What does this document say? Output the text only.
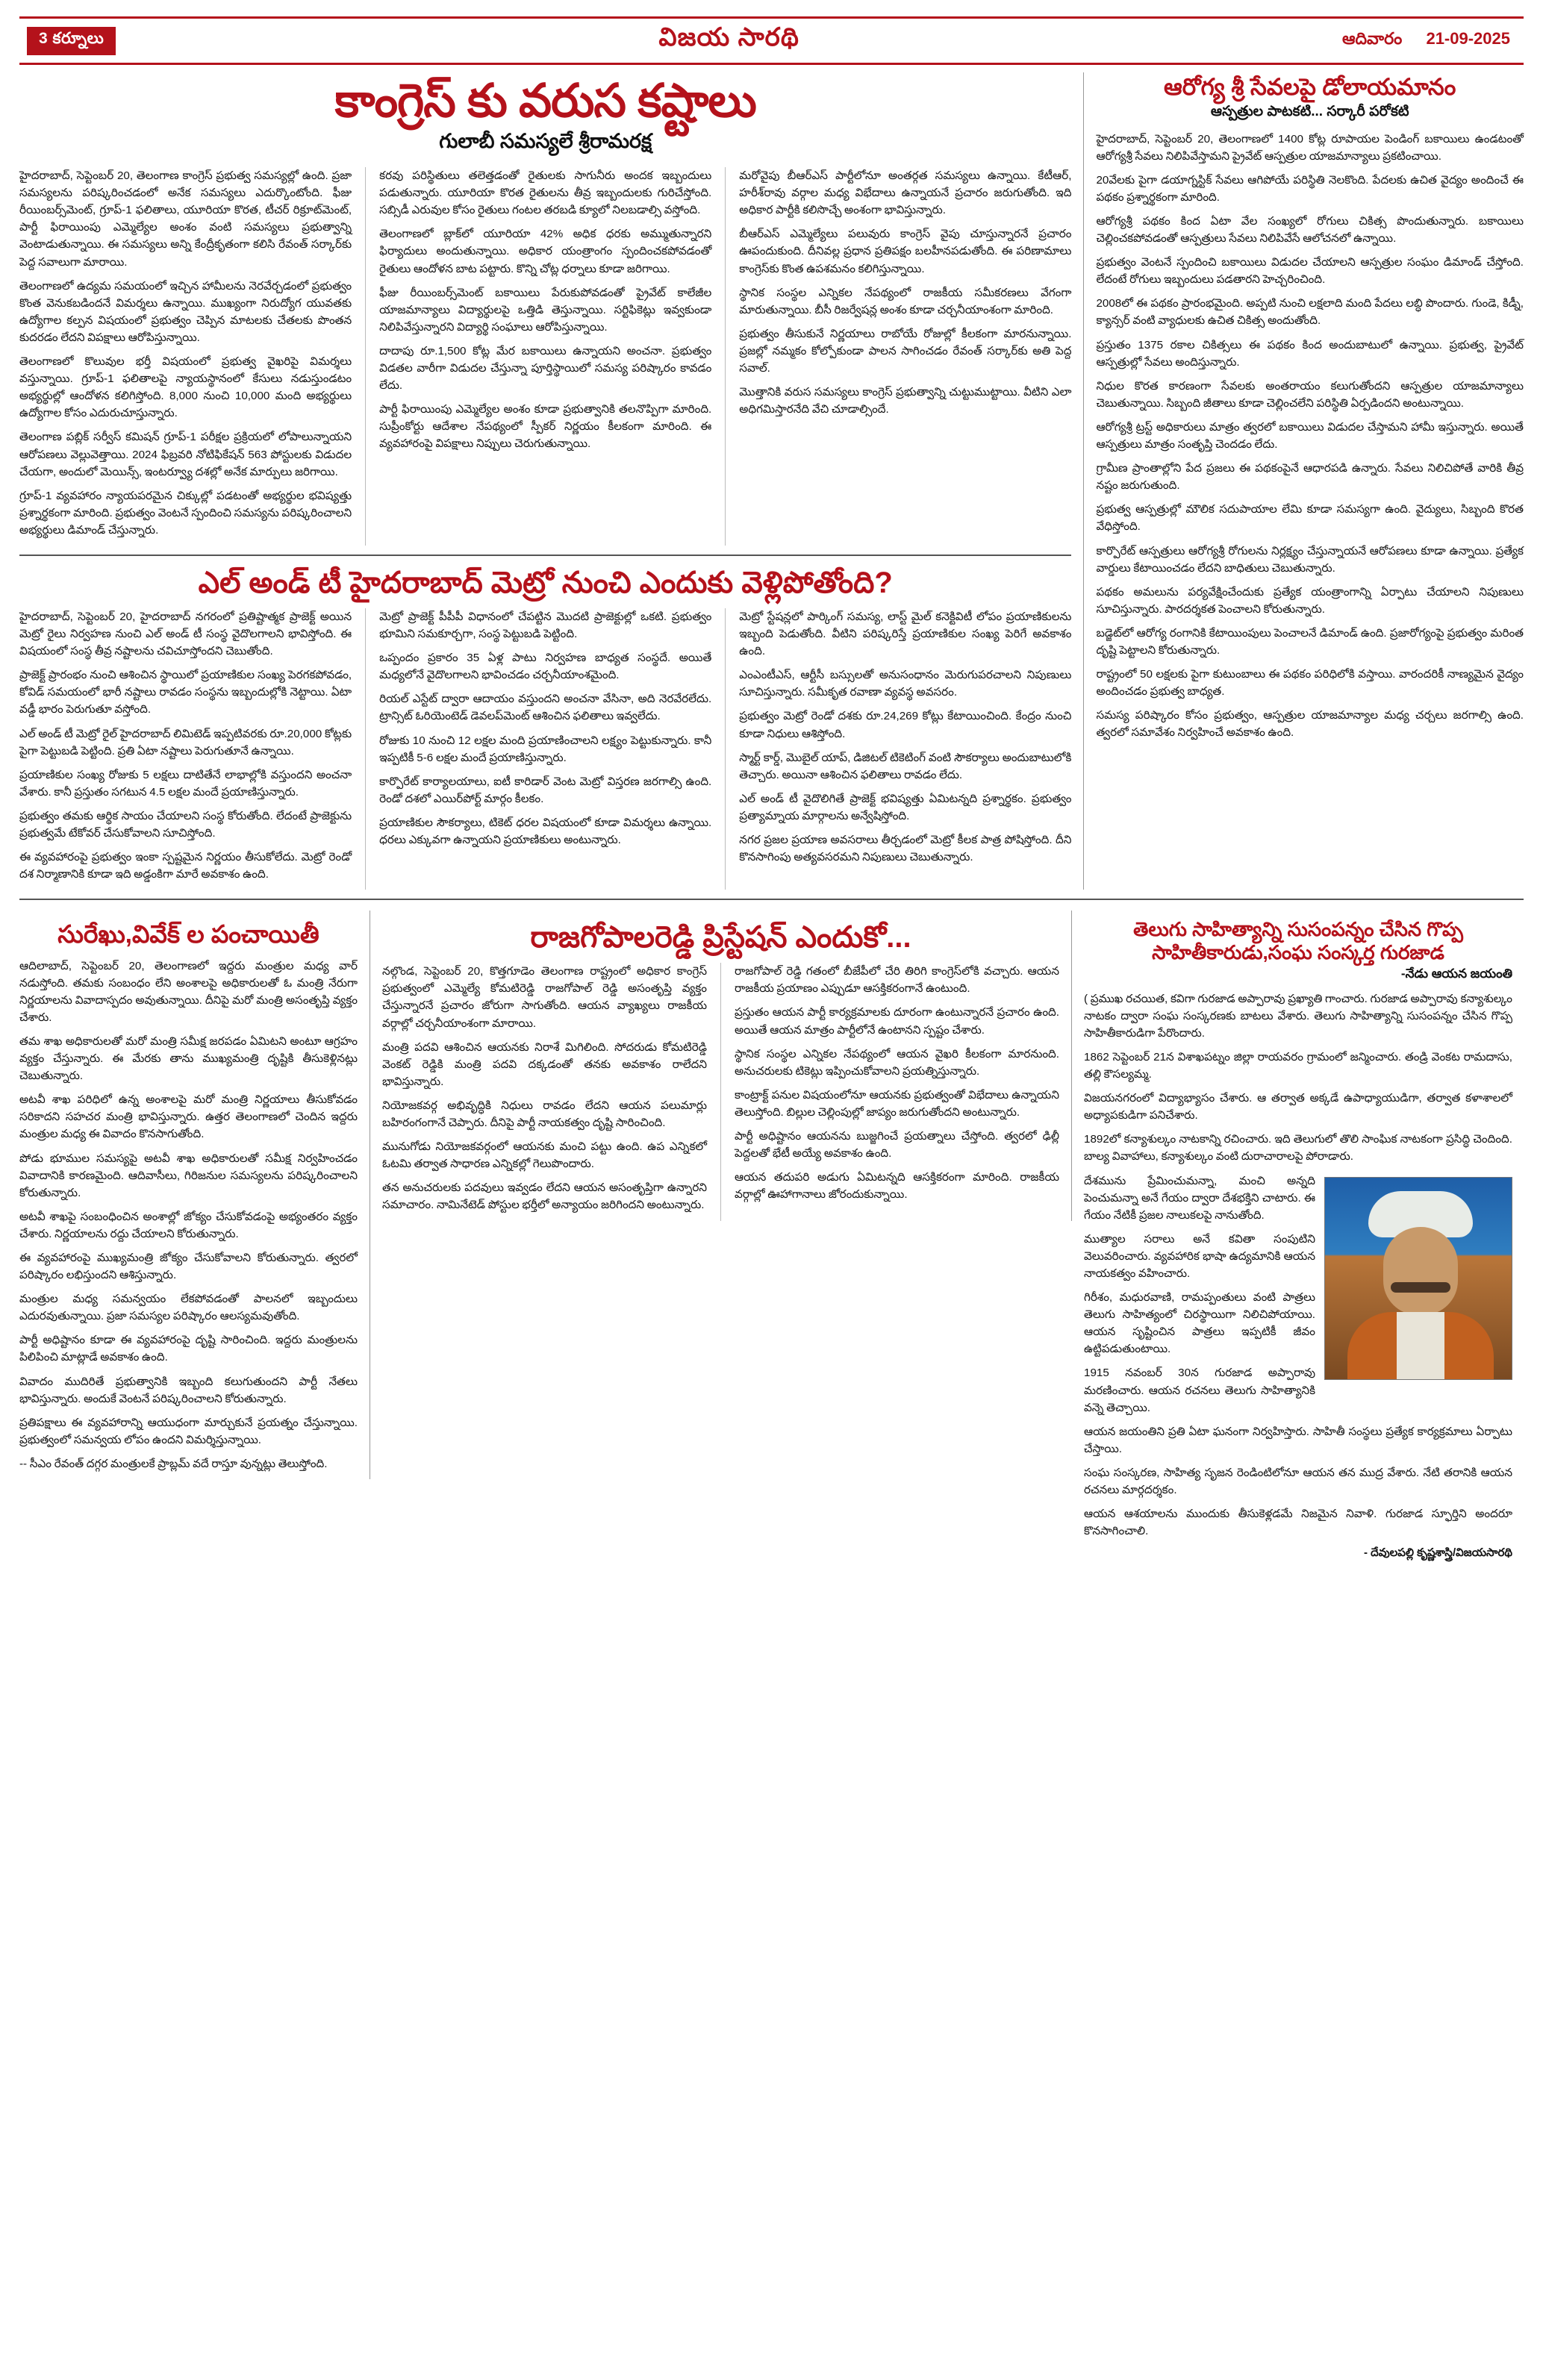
3 కర్నూలు	విజయ సారథి	ఆదివారం 21-09-2025
కాంగ్రెస్ కు వరుస కష్టాలు
గులాబీ సమస్యలే శ్రీరామరక్ష

హైదరాబాద్, సెప్టెంబర్ 20, తెలంగాణ కాంగ్రెస్ ప్రభుత్వ సమస్యల్లో ఉంది. ప్రజా సమస్యలను పరిష్కరించడంలో అనేక సమస్యలు ఎదుర్కొంటోంది. ఫీజు రీయింబర్స్‌మెంట్, గ్రూప్-1 ఫలితాలు, యూరియా కొరత, టీచర్ రిక్రూట్‌మెంట్, పార్టీ ఫిరాయింపు ఎమ్మెల్యేల అంశం వంటి సమస్యలు ప్రభుత్వాన్ని వెంటాడుతున్నాయి. ఈ సమస్యలు అన్ని కేంద్రీకృతంగా కలిసి రేవంత్ సర్కార్‌కు పెద్ద సవాలుగా మారాయి.

తెలంగాణలో ఉద్యమ సమయంలో ఇచ్చిన హామీలను నెరవేర్చడంలో ప్రభుత్వం కొంత వెనుకబడిందనే విమర్శలు ఉన్నాయి. ముఖ్యంగా నిరుద్యోగ యువతకు ఉద్యోగాల కల్పన విషయంలో ప్రభుత్వం చెప్పిన మాటలకు చేతలకు పొంతన కుదరడం లేదని విపక్షాలు ఆరోపిస్తున్నాయి.

తెలంగాణలో కొలువుల భర్తీ విషయంలో ప్రభుత్వ వైఖరిపై విమర్శలు వస్తున్నాయి. గ్రూప్-1 ఫలితాలపై న్యాయస్థానంలో కేసులు నడుస్తుండటం అభ్యర్థుల్లో ఆందోళన కలిగిస్తోంది. 8,000 నుంచి 10,000 మంది అభ్యర్థులు ఉద్యోగాల కోసం ఎదురుచూస్తున్నారు.

తెలంగాణ పబ్లిక్ సర్వీస్ కమిషన్ గ్రూప్-1 పరీక్షల ప్రక్రియలో లోపాలున్నాయని ఆరోపణలు వెల్లువెత్తాయి. 2024 ఫిబ్రవరి నోటిఫికేషన్ 563 పోస్టులకు విడుదల చేయగా, అందులో మెయిన్స్, ఇంటర్వ్యూ దశల్లో అనేక మార్పులు జరిగాయి.

గ్రూప్-1 వ్యవహారం న్యాయపరమైన చిక్కుల్లో పడటంతో అభ్యర్థుల భవిష్యత్తు ప్రశ్నార్థకంగా మారింది. ప్రభుత్వం వెంటనే స్పందించి సమస్యను పరిష్కరించాలని అభ్యర్థులు డిమాండ్ చేస్తున్నారు.

కరవు పరిస్థితులు తలెత్తడంతో రైతులకు సాగునీరు అందక ఇబ్బందులు పడుతున్నారు. యూరియా కొరత రైతులను తీవ్ర ఇబ్బందులకు గురిచేస్తోంది. సబ్సిడీ ఎరువుల కోసం రైతులు గంటల తరబడి క్యూలో నిలబడాల్సి వస్తోంది.

తెలంగాణలో బ్లాక్‌లో యూరియా 42% అధిక ధరకు అమ్ముతున్నారని ఫిర్యాదులు అందుతున్నాయి. అధికార యంత్రాంగం స్పందించకపోవడంతో రైతులు ఆందోళన బాట పట్టారు. కొన్ని చోట్ల ధర్నాలు కూడా జరిగాయి.

ఫీజు రీయింబర్స్‌మెంట్ బకాయిలు పేరుకుపోవడంతో ప్రైవేట్ కాలేజీల యాజమాన్యాలు విద్యార్థులపై ఒత్తిడి తెస్తున్నాయి. సర్టిఫికెట్లు ఇవ్వకుండా నిలిపివేస్తున్నారని విద్యార్థి సంఘాలు ఆరోపిస్తున్నాయి.

దాదాపు రూ.1,500 కోట్ల మేర బకాయిలు ఉన్నాయని అంచనా. ప్రభుత్వం విడతల వారీగా విడుదల చేస్తున్నా పూర్తిస్థాయిలో సమస్య పరిష్కారం కావడం లేదు.

పార్టీ ఫిరాయింపు ఎమ్మెల్యేల అంశం కూడా ప్రభుత్వానికి తలనొప్పిగా మారింది. సుప్రీంకోర్టు ఆదేశాల నేపథ్యంలో స్పీకర్ నిర్ణయం కీలకంగా మారింది. ఈ వ్యవహారంపై విపక్షాలు నిప్పులు చెరుగుతున్నాయి.

మరోవైపు బీఆర్ఎస్ పార్టీలోనూ అంతర్గత సమస్యలు ఉన్నాయి. కేటీఆర్, హరీశ్‌రావు వర్గాల మధ్య విభేదాలు ఉన్నాయనే ప్రచారం జరుగుతోంది. ఇది అధికార పార్టీకి కలిసొచ్చే అంశంగా భావిస్తున్నారు.

బీఆర్ఎస్ ఎమ్మెల్యేలు పలువురు కాంగ్రెస్ వైపు చూస్తున్నారనే ప్రచారం ఊపందుకుంది. దీనివల్ల ప్రధాన ప్రతిపక్షం బలహీనపడుతోంది. ఈ పరిణామాలు కాంగ్రెస్‌కు కొంత ఉపశమనం కలిగిస్తున్నాయి.

స్థానిక సంస్థల ఎన్నికల నేపథ్యంలో రాజకీయ సమీకరణలు వేగంగా మారుతున్నాయి. బీసీ రిజర్వేషన్ల అంశం కూడా చర్చనీయాంశంగా మారింది.

ప్రభుత్వం తీసుకునే నిర్ణయాలు రాబోయే రోజుల్లో కీలకంగా మారనున్నాయి. ప్రజల్లో నమ్మకం కోల్పోకుండా పాలన సాగించడం రేవంత్ సర్కార్‌కు అతి పెద్ద సవాల్.

మొత్తానికి వరుస సమస్యలు కాంగ్రెస్ ప్రభుత్వాన్ని చుట్టుముట్టాయి. వీటిని ఎలా అధిగమిస్తారనేది వేచి చూడాల్సిందే.

ఎల్ అండ్ టీ హైదరాబాద్ మెట్రో నుంచి ఎందుకు వెళ్లిపోతోంది?

హైదరాబాద్, సెప్టెంబర్ 20, హైదరాబాద్ నగరంలో ప్రతిష్టాత్మక ప్రాజెక్ట్ అయిన మెట్రో రైలు నిర్వహణ నుంచి ఎల్ అండ్ టీ సంస్థ వైదొలగాలని భావిస్తోంది. ఈ విషయంలో సంస్థ తీవ్ర నష్టాలను చవిచూస్తోందని చెబుతోంది.

ప్రాజెక్ట్ ప్రారంభం నుంచి ఆశించిన స్థాయిలో ప్రయాణికుల సంఖ్య పెరగకపోవడం, కోవిడ్ సమయంలో భారీ నష్టాలు రావడం సంస్థను ఇబ్బందుల్లోకి నెట్టాయి. ఏటా వడ్డీ భారం పెరుగుతూ వస్తోంది.

ఎల్ అండ్ టీ మెట్రో రైల్ హైదరాబాద్ లిమిటెడ్ ఇప్పటివరకు రూ.20,000 కోట్లకు పైగా పెట్టుబడి పెట్టింది. ప్రతి ఏటా నష్టాలు పెరుగుతూనే ఉన్నాయి.

ప్రయాణికుల సంఖ్య రోజుకు 5 లక్షలు దాటితేనే లాభాల్లోకి వస్తుందని అంచనా వేశారు. కానీ ప్రస్తుతం సగటున 4.5 లక్షల మందే ప్రయాణిస్తున్నారు.

ప్రభుత్వం తమకు ఆర్థిక సాయం చేయాలని సంస్థ కోరుతోంది. లేదంటే ప్రాజెక్టును ప్రభుత్వమే టేకోవర్ చేసుకోవాలని సూచిస్తోంది.

ఈ వ్యవహారంపై ప్రభుత్వం ఇంకా స్పష్టమైన నిర్ణయం తీసుకోలేదు. మెట్రో రెండో దశ నిర్మాణానికి కూడా ఇది అడ్డంకిగా మారే అవకాశం ఉంది.

మెట్రో ప్రాజెక్ట్ పీపీపీ విధానంలో చేపట్టిన మొదటి ప్రాజెక్టుల్లో ఒకటి. ప్రభుత్వం భూమిని సమకూర్చగా, సంస్థ పెట్టుబడి పెట్టింది.

ఒప్పందం ప్రకారం 35 ఏళ్ల పాటు నిర్వహణ బాధ్యత సంస్థదే. అయితే మధ్యలోనే వైదొలగాలని భావించడం చర్చనీయాంశమైంది.

రియల్ ఎస్టేట్ ద్వారా ఆదాయం వస్తుందని అంచనా వేసినా, అది నెరవేరలేదు. ట్రాన్సిట్ ఓరియెంటెడ్ డెవలప్‌మెంట్ ఆశించిన ఫలితాలు ఇవ్వలేదు.

రోజుకు 10 నుంచి 12 లక్షల మంది ప్రయాణించాలని లక్ష్యం పెట్టుకున్నారు. కానీ ఇప్పటికీ 5-6 లక్షల మందే ప్రయాణిస్తున్నారు.

కార్పొరేట్ కార్యాలయాలు, ఐటీ కారిడార్ వెంట మెట్రో విస్తరణ జరగాల్సి ఉంది. రెండో దశలో ఎయిర్‌పోర్ట్ మార్గం కీలకం.

ప్రయాణికుల సౌకర్యాలు, టికెట్ ధరల విషయంలో కూడా విమర్శలు ఉన్నాయి. ధరలు ఎక్కువగా ఉన్నాయని ప్రయాణికులు అంటున్నారు.

మెట్రో స్టేషన్లలో పార్కింగ్ సమస్య, లాస్ట్ మైల్ కనెక్టివిటీ లోపం ప్రయాణికులను ఇబ్బంది పెడుతోంది. వీటిని పరిష్కరిస్తే ప్రయాణికుల సంఖ్య పెరిగే అవకాశం ఉంది.

ఎంఎంటీఎస్, ఆర్టీసీ బస్సులతో అనుసంధానం మెరుగుపరచాలని నిపుణులు సూచిస్తున్నారు. సమీకృత రవాణా వ్యవస్థ అవసరం.

ప్రభుత్వం మెట్రో రెండో దశకు రూ.24,269 కోట్లు కేటాయించింది. కేంద్రం నుంచి కూడా నిధులు ఆశిస్తోంది.

స్మార్ట్ కార్డ్, మొబైల్ యాప్, డిజిటల్ టికెటింగ్ వంటి సౌకర్యాలు అందుబాటులోకి తెచ్చారు. అయినా ఆశించిన ఫలితాలు రావడం లేదు.

ఎల్ అండ్ టీ వైదొలిగితే ప్రాజెక్ట్ భవిష్యత్తు ఏమిటన్నది ప్రశ్నార్థకం. ప్రభుత్వం ప్రత్యామ్నాయ మార్గాలను అన్వేషిస్తోంది.

నగర ప్రజల ప్రయాణ అవసరాలు తీర్చడంలో మెట్రో కీలక పాత్ర పోషిస్తోంది. దీని కొనసాగింపు అత్యవసరమని నిపుణులు చెబుతున్నారు.

ఆరోగ్య శ్రీ సేవలపై డోలాయమానం
ఆస్పత్రుల పాట‌కటి... సర్కారీ పరోకటి

హైదరాబాద్, సెప్టెంబర్ 20, తెలంగాణలో 1400 కోట్ల రూపాయల పెండింగ్ బకాయిలు ఉండటంతో ఆరోగ్యశ్రీ సేవలు నిలిపివేస్తామని ప్రైవేట్ ఆస్పత్రుల యాజమాన్యాలు ప్రకటించాయి.

20వేలకు పైగా డయాగ్నస్టిక్ సేవలు ఆగిపోయే పరిస్థితి నెలకొంది. పేదలకు ఉచిత వైద్యం అందించే ఈ పథకం ప్రశ్నార్థకంగా మారింది.

ఆరోగ్యశ్రీ పథకం కింద ఏటా వేల సంఖ్యలో రోగులు చికిత్స పొందుతున్నారు. బకాయిలు చెల్లించకపోవడంతో ఆస్పత్రులు సేవలు నిలిపివేసే ఆలోచనలో ఉన్నాయి.

ప్రభుత్వం వెంటనే స్పందించి బకాయిలు విడుదల చేయాలని ఆస్పత్రుల సంఘం డిమాండ్ చేస్తోంది. లేదంటే రోగులు ఇబ్బందులు పడతారని హెచ్చరించింది.

2008లో ఈ పథకం ప్రారంభమైంది. అప్పటి నుంచి లక్షలాది మంది పేదలు లబ్ధి పొందారు. గుండె, కిడ్నీ, క్యాన్సర్ వంటి వ్యాధులకు ఉచిత చికిత్స అందుతోంది.

ప్రస్తుతం 1375 రకాల చికిత్సలు ఈ పథకం కింద అందుబాటులో ఉన్నాయి. ప్రభుత్వ, ప్రైవేట్ ఆస్పత్రుల్లో సేవలు అందిస్తున్నారు.

నిధుల కొరత కారణంగా సేవలకు అంతరాయం కలుగుతోందని ఆస్పత్రుల యాజమాన్యాలు చెబుతున్నాయి. సిబ్బంది జీతాలు కూడా చెల్లించలేని పరిస్థితి ఏర్పడిందని అంటున్నాయి.

ఆరోగ్యశ్రీ ట్రస్ట్ అధికారులు మాత్రం త్వరలో బకాయిలు విడుదల చేస్తామని హామీ ఇస్తున్నారు. అయితే ఆస్పత్రులు మాత్రం సంతృప్తి చెందడం లేదు.

గ్రామీణ ప్రాంతాల్లోని పేద ప్రజలు ఈ పథకంపైనే ఆధారపడి ఉన్నారు. సేవలు నిలిచిపోతే వారికి తీవ్ర నష్టం జరుగుతుంది.

ప్రభుత్వ ఆస్పత్రుల్లో మౌలిక సదుపాయాల లేమి కూడా సమస్యగా ఉంది. వైద్యులు, సిబ్బంది కొరత వేధిస్తోంది.

కార్పొరేట్ ఆస్పత్రులు ఆరోగ్యశ్రీ రోగులను నిర్లక్ష్యం చేస్తున్నాయనే ఆరోపణలు కూడా ఉన్నాయి. ప్రత్యేక వార్డులు కేటాయించడం లేదని బాధితులు చెబుతున్నారు.

పథకం అమలును పర్యవేక్షించేందుకు ప్రత్యేక యంత్రాంగాన్ని ఏర్పాటు చేయాలని నిపుణులు సూచిస్తున్నారు. పారదర్శకత పెంచాలని కోరుతున్నారు.

బడ్జెట్‌లో ఆరోగ్య రంగానికి కేటాయింపులు పెంచాలనే డిమాండ్ ఉంది. ప్రజారోగ్యంపై ప్రభుత్వం మరింత దృష్టి పెట్టాలని కోరుతున్నారు.

రాష్ట్రంలో 50 లక్షలకు పైగా కుటుంబాలు ఈ పథకం పరిధిలోకి వస్తాయి. వారందరికీ నాణ్యమైన వైద్యం అందించడం ప్రభుత్వ బాధ్యత.

సమస్య పరిష్కారం కోసం ప్రభుత్వం, ఆస్పత్రుల యాజమాన్యాల మధ్య చర్చలు జరగాల్సి ఉంది. త్వరలో సమావేశం నిర్వహించే అవకాశం ఉంది.

సురేఖు,వివేక్ ల పంచాయితీ

ఆదిలాబాద్, సెప్టెంబర్ 20, తెలంగాణలో ఇద్దరు మంత్రుల మధ్య వార్ నడుస్తోంది. తమకు సంబంధం లేని అంశాలపై అధికారులతో ఓ మంత్రి నేరుగా నిర్ణయాలను వివాదాస్పదం అవుతున్నాయి. దీనిపై మరో మంత్రి అసంతృప్తి వ్యక్తం చేశారు.

తమ శాఖ అధికారులతో మరో మంత్రి సమీక్ష జరపడం ఏమిటని అంటూ ఆగ్రహం వ్యక్తం చేస్తున్నారు. ఈ మేరకు తాను ముఖ్యమంత్రి దృష్టికి తీసుకెళ్లినట్లు చెబుతున్నారు.

అటవీ శాఖ పరిధిలో ఉన్న అంశాలపై మరో మంత్రి నిర్ణయాలు తీసుకోవడం సరికాదని సహచర మంత్రి భావిస్తున్నారు. ఉత్తర తెలంగాణలో చెందిన ఇద్దరు మంత్రుల మధ్య ఈ వివాదం కొనసాగుతోంది.

పోడు భూముల సమస్యపై అటవీ శాఖ అధికారులతో సమీక్ష నిర్వహించడం వివాదానికి కారణమైంది. ఆదివాసీలు, గిరిజనుల సమస్యలను పరిష్కరించాలని కోరుతున్నారు.

అటవీ శాఖపై సంబంధించిన అంశాల్లో జోక్యం చేసుకోవడంపై అభ్యంతరం వ్యక్తం చేశారు. నిర్ణయాలను రద్దు చేయాలని కోరుతున్నారు.

ఈ వ్యవహారంపై ముఖ్యమంత్రి జోక్యం చేసుకోవాలని కోరుతున్నారు. త్వరలో పరిష్కారం లభిస్తుందని ఆశిస్తున్నారు.

మంత్రుల మధ్య సమన్వయం లేకపోవడంతో పాలనలో ఇబ్బందులు ఎదురవుతున్నాయి. ప్రజా సమస్యల పరిష్కారం ఆలస్యమవుతోంది.

పార్టీ అధిష్టానం కూడా ఈ వ్యవహారంపై దృష్టి సారించింది. ఇద్దరు మంత్రులను పిలిపించి మాట్లాడే అవకాశం ఉంది.

వివాదం ముదిరితే ప్రభుత్వానికి ఇబ్బంది కలుగుతుందని పార్టీ నేతలు భావిస్తున్నారు. అందుకే వెంటనే పరిష్కరించాలని కోరుతున్నారు.

ప్రతిపక్షాలు ఈ వ్యవహారాన్ని ఆయుధంగా మార్చుకునే ప్రయత్నం చేస్తున్నాయి. ప్రభుత్వంలో సమన్వయ లోపం ఉందని విమర్శిస్తున్నాయి.

-- సీఎం రేవంత్ దగ్గర మంత్రులకే ప్రాబ్లమ్ వదే రాస్తూ వున్నట్లు తెలుస్తోంది.

రాజగోపాలరెడ్డి ప్రిస్టేషన్ ఎందుకో...

నల్గొండ, సెప్టెంబర్ 20, కొత్తగూడెం తెలంగాణ రాష్ట్రంలో అధికార కాంగ్రెస్ ప్రభుత్వంలో ఎమ్మెల్యే కోమటిరెడ్డి రాజగోపాల్ రెడ్డి అసంతృప్తి వ్యక్తం చేస్తున్నారనే ప్రచారం జోరుగా సాగుతోంది. ఆయన వ్యాఖ్యలు రాజకీయ వర్గాల్లో చర్చనీయాంశంగా మారాయి.

మంత్రి పదవి ఆశించిన ఆయనకు నిరాశే మిగిలింది. సోదరుడు కోమటిరెడ్డి వెంకట్ రెడ్డికి మంత్రి పదవి దక్కడంతో తనకు అవకాశం రాలేదని భావిస్తున్నారు.

నియోజకవర్గ అభివృద్ధికి నిధులు రావడం లేదని ఆయన పలుమార్లు బహిరంగంగానే చెప్పారు. దీనిపై పార్టీ నాయకత్వం దృష్టి సారించింది.

మునుగోడు నియోజకవర్గంలో ఆయనకు మంచి పట్టు ఉంది. ఉప ఎన్నికలో ఓటమి తర్వాత సాధారణ ఎన్నికల్లో గెలుపొందారు.

తన అనుచరులకు పదవులు ఇవ్వడం లేదని ఆయన అసంతృప్తిగా ఉన్నారని సమాచారం. నామినేటెడ్ పోస్టుల భర్తీలో అన్యాయం జరిగిందని అంటున్నారు.

రాజగోపాల్ రెడ్డి గతంలో బీజేపీలో చేరి తిరిగి కాంగ్రెస్‌లోకి వచ్చారు. ఆయన రాజకీయ ప్రయాణం ఎప్పుడూ ఆసక్తికరంగానే ఉంటుంది.

ప్రస్తుతం ఆయన పార్టీ కార్యక్రమాలకు దూరంగా ఉంటున్నారనే ప్రచారం ఉంది. అయితే ఆయన మాత్రం పార్టీలోనే ఉంటానని స్పష్టం చేశారు.

స్థానిక సంస్థల ఎన్నికల నేపథ్యంలో ఆయన వైఖరి కీలకంగా మారనుంది. అనుచరులకు టికెట్లు ఇప్పించుకోవాలని ప్రయత్నిస్తున్నారు.

కాంట్రాక్ట్ పనుల విషయంలోనూ ఆయనకు ప్రభుత్వంతో విభేదాలు ఉన్నాయని తెలుస్తోంది. బిల్లుల చెల్లింపుల్లో జాప్యం జరుగుతోందని అంటున్నారు.

పార్టీ అధిష్టానం ఆయనను బుజ్జగించే ప్రయత్నాలు చేస్తోంది. త్వరలో ఢిల్లీ పెద్దలతో భేటీ అయ్యే అవకాశం ఉంది.

ఆయన తదుపరి అడుగు ఏమిటన్నది ఆసక్తికరంగా మారింది. రాజకీయ వర్గాల్లో ఊహాగానాలు జోరందుకున్నాయి.

తెలుగు సాహిత్యాన్ని సుసంపన్నం చేసిన గొప్ప సాహితీకారుడు,సంఘ సంస్కర్త గురజాడ
-నేడు ఆయన జయంతి

( ప్రముఖ రచయిత, కవిగా గురజాడ అప్పారావు ప్రఖ్యాతి గాంచారు. గురజాడ అప్పారావు కన్యాశుల్కం నాటకం ద్వారా సంఘ సంస్కరణకు బాటలు వేశారు. తెలుగు సాహిత్యాన్ని సుసంపన్నం చేసిన గొప్ప సాహితీకారుడిగా పేరొందారు.

1862 సెప్టెంబర్ 21న విశాఖపట్నం జిల్లా రాయవరం గ్రామంలో జన్మించారు. తండ్రి వెంకట రామదాసు, తల్లి కౌసల్యమ్మ.

విజయనగరంలో విద్యాభ్యాసం చేశారు. ఆ తర్వాత అక్కడే ఉపాధ్యాయుడిగా, తర్వాత కళాశాలలో అధ్యాపకుడిగా పనిచేశారు.

1892లో కన్యాశుల్కం నాటకాన్ని రచించారు. ఇది తెలుగులో తొలి సాంఘిక నాటకంగా ప్రసిద్ధి చెందింది. బాల్య వివాహాలు, కన్యాశుల్కం వంటి దురాచారాలపై పోరాడారు.

దేశమును ప్రేమించుమన్నా, మంచి అన్నది పెంచుమన్నా అనే గేయం ద్వారా దేశభక్తిని చాటారు. ఈ గేయం నేటికీ ప్రజల నాలుకలపై నానుతోంది.

ముత్యాల సరాలు అనే కవితా సంపుటిని వెలువరించారు. వ్యవహారిక భాషా ఉద్యమానికి ఆయన నాయకత్వం వహించారు.

గిరీశం, మధురవాణి, రామప్పంతులు వంటి పాత్రలు తెలుగు సాహిత్యంలో చిరస్థాయిగా నిలిచిపోయాయి. ఆయన సృష్టించిన పాత్రలు ఇప్పటికీ జీవం ఉట్టిపడుతుంటాయి.

1915 నవంబర్ 30న గురజాడ అప్పారావు మరణించారు. ఆయన రచనలు తెలుగు సాహిత్యానికి వన్నె తెచ్చాయి.

ఆయన జయంతిని ప్రతి ఏటా ఘనంగా నిర్వహిస్తారు. సాహితీ సంస్థలు ప్రత్యేక కార్యక్రమాలు ఏర్పాటు చేస్తాయి.

సంఘ సంస్కరణ, సాహిత్య సృజన రెండింటిలోనూ ఆయన తన ముద్ర వేశారు. నేటి తరానికి ఆయన రచనలు మార్గదర్శకం.

ఆయన ఆశయాలను ముందుకు తీసుకెళ్లడమే నిజమైన నివాళి. గురజాడ స్ఫూర్తిని అందరూ కొనసాగించాలి.

- దేవులపల్లి కృష్ణశాస్త్రి/విజయసారథి
